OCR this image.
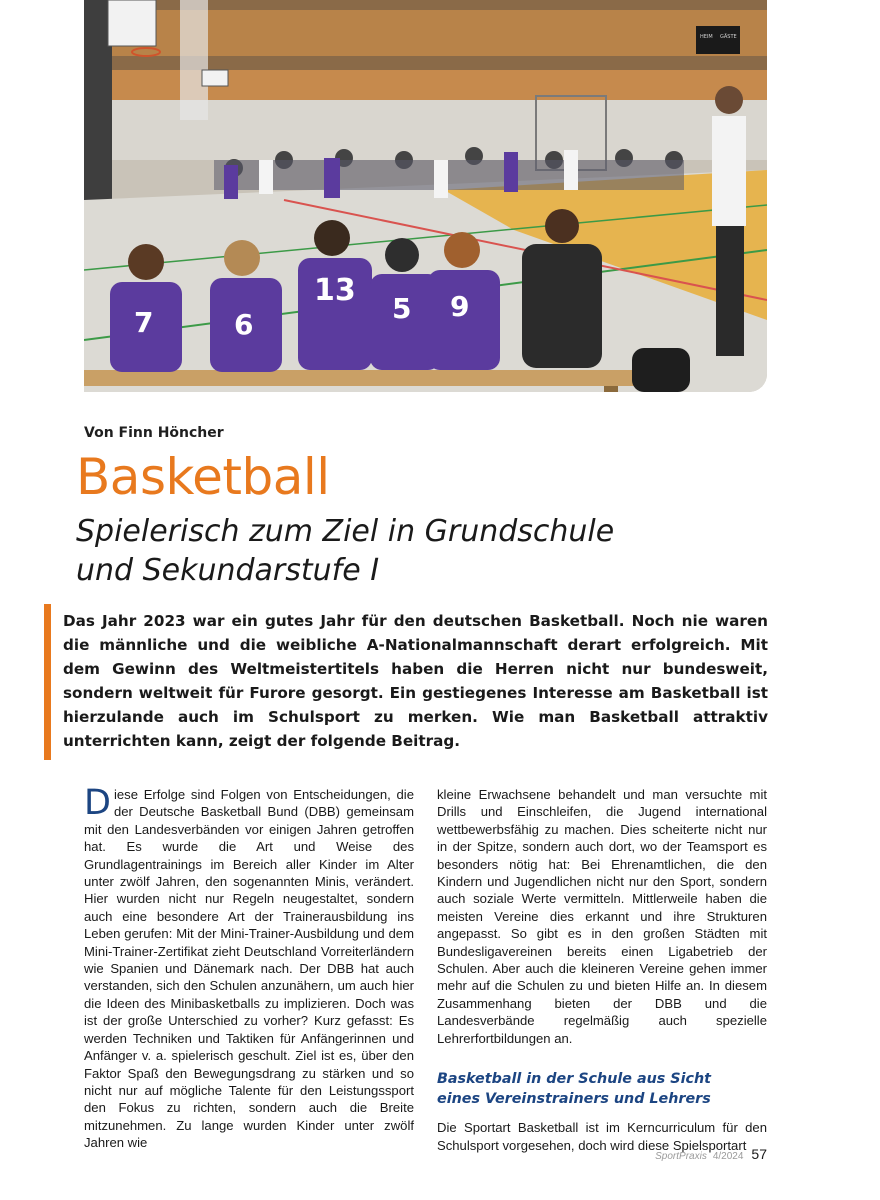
HEIM GÄSTE
7	6
13
5 9
Von Finn Höncher
Basketball
Spielerisch zum Ziel in Grundschule
und Sekundarstufe I

Das Jahr 2023 war ein gutes Jahr für den deutschen Basketball. Noch nie waren die männliche und die weibliche A-Nationalmannschaft derart erfolgreich. Mit dem Gewinn des Weltmeistertitels haben die Herren nicht nur bundesweit, sondern weltweit für Furore gesorgt. Ein gestiegenes Interesse am Basketball ist hierzulande auch im Schulsport zu merken. Wie man Basketball attraktiv unterrichten kann, zeigt der folgende Beitrag.

Diese Erfolge sind Folgen von Entscheidungen, die der Deutsche Basketball Bund (DBB) gemeinsam mit den Landesverbänden vor einigen Jahren getroffen hat. Es wurde die Art und Weise des Grundlagentrainings im Bereich aller Kinder im Alter unter zwölf Jahren, den sogenannten Minis, verändert. Hier wurden nicht nur Regeln neugestaltet, sondern auch eine besondere Art der Trainerausbildung ins Leben gerufen: Mit der Mini-Trainer-Ausbildung und dem Mini-Trainer-Zertifikat zieht Deutschland Vorreiterländern wie Spanien und Dänemark nach. Der DBB hat auch verstanden, sich den Schulen anzunähern, um auch hier die Ideen des Minibasketballs zu implizieren. Doch was ist der große Unterschied zu vorher? Kurz gefasst: Es werden Techniken und Taktiken für Anfängerinnen und Anfänger v. a. spielerisch geschult. Ziel ist es, über den Faktor Spaß den Bewegungsdrang zu stärken und so nicht nur auf mögliche Talente für den Leistungssport den Fokus zu richten, sondern auch die Breite mitzunehmen. Zu lange wurden Kinder unter zwölf Jahren wie

kleine Erwachsene behandelt und man versuchte mit Drills und Einschleifen, die Jugend international wettbewerbsfähig zu machen. Dies scheiterte nicht nur in der Spitze, sondern auch dort, wo der Teamsport es besonders nötig hat: Bei Ehrenamtlichen, die den Kindern und Jugendlichen nicht nur den Sport, sondern auch soziale Werte vermitteln. Mittlerweile haben die meisten Vereine dies erkannt und ihre Strukturen angepasst. So gibt es in den großen Städten mit Bundesligavereinen bereits einen Ligabetrieb der Schulen. Aber auch die kleineren Vereine gehen immer mehr auf die Schulen zu und bieten Hilfe an. In diesem Zusammenhang bieten der DBB und die Landesverbände regelmäßig auch spezielle Lehrerfortbildungen an.

Basketball in der Schule aus Sicht
eines Vereinstrainers und Lehrers

Die Sportart Basketball ist im Kerncurriculum für den Schulsport vorgesehen, doch wird diese Spielsportart

SportPraxis 4/2024 57
